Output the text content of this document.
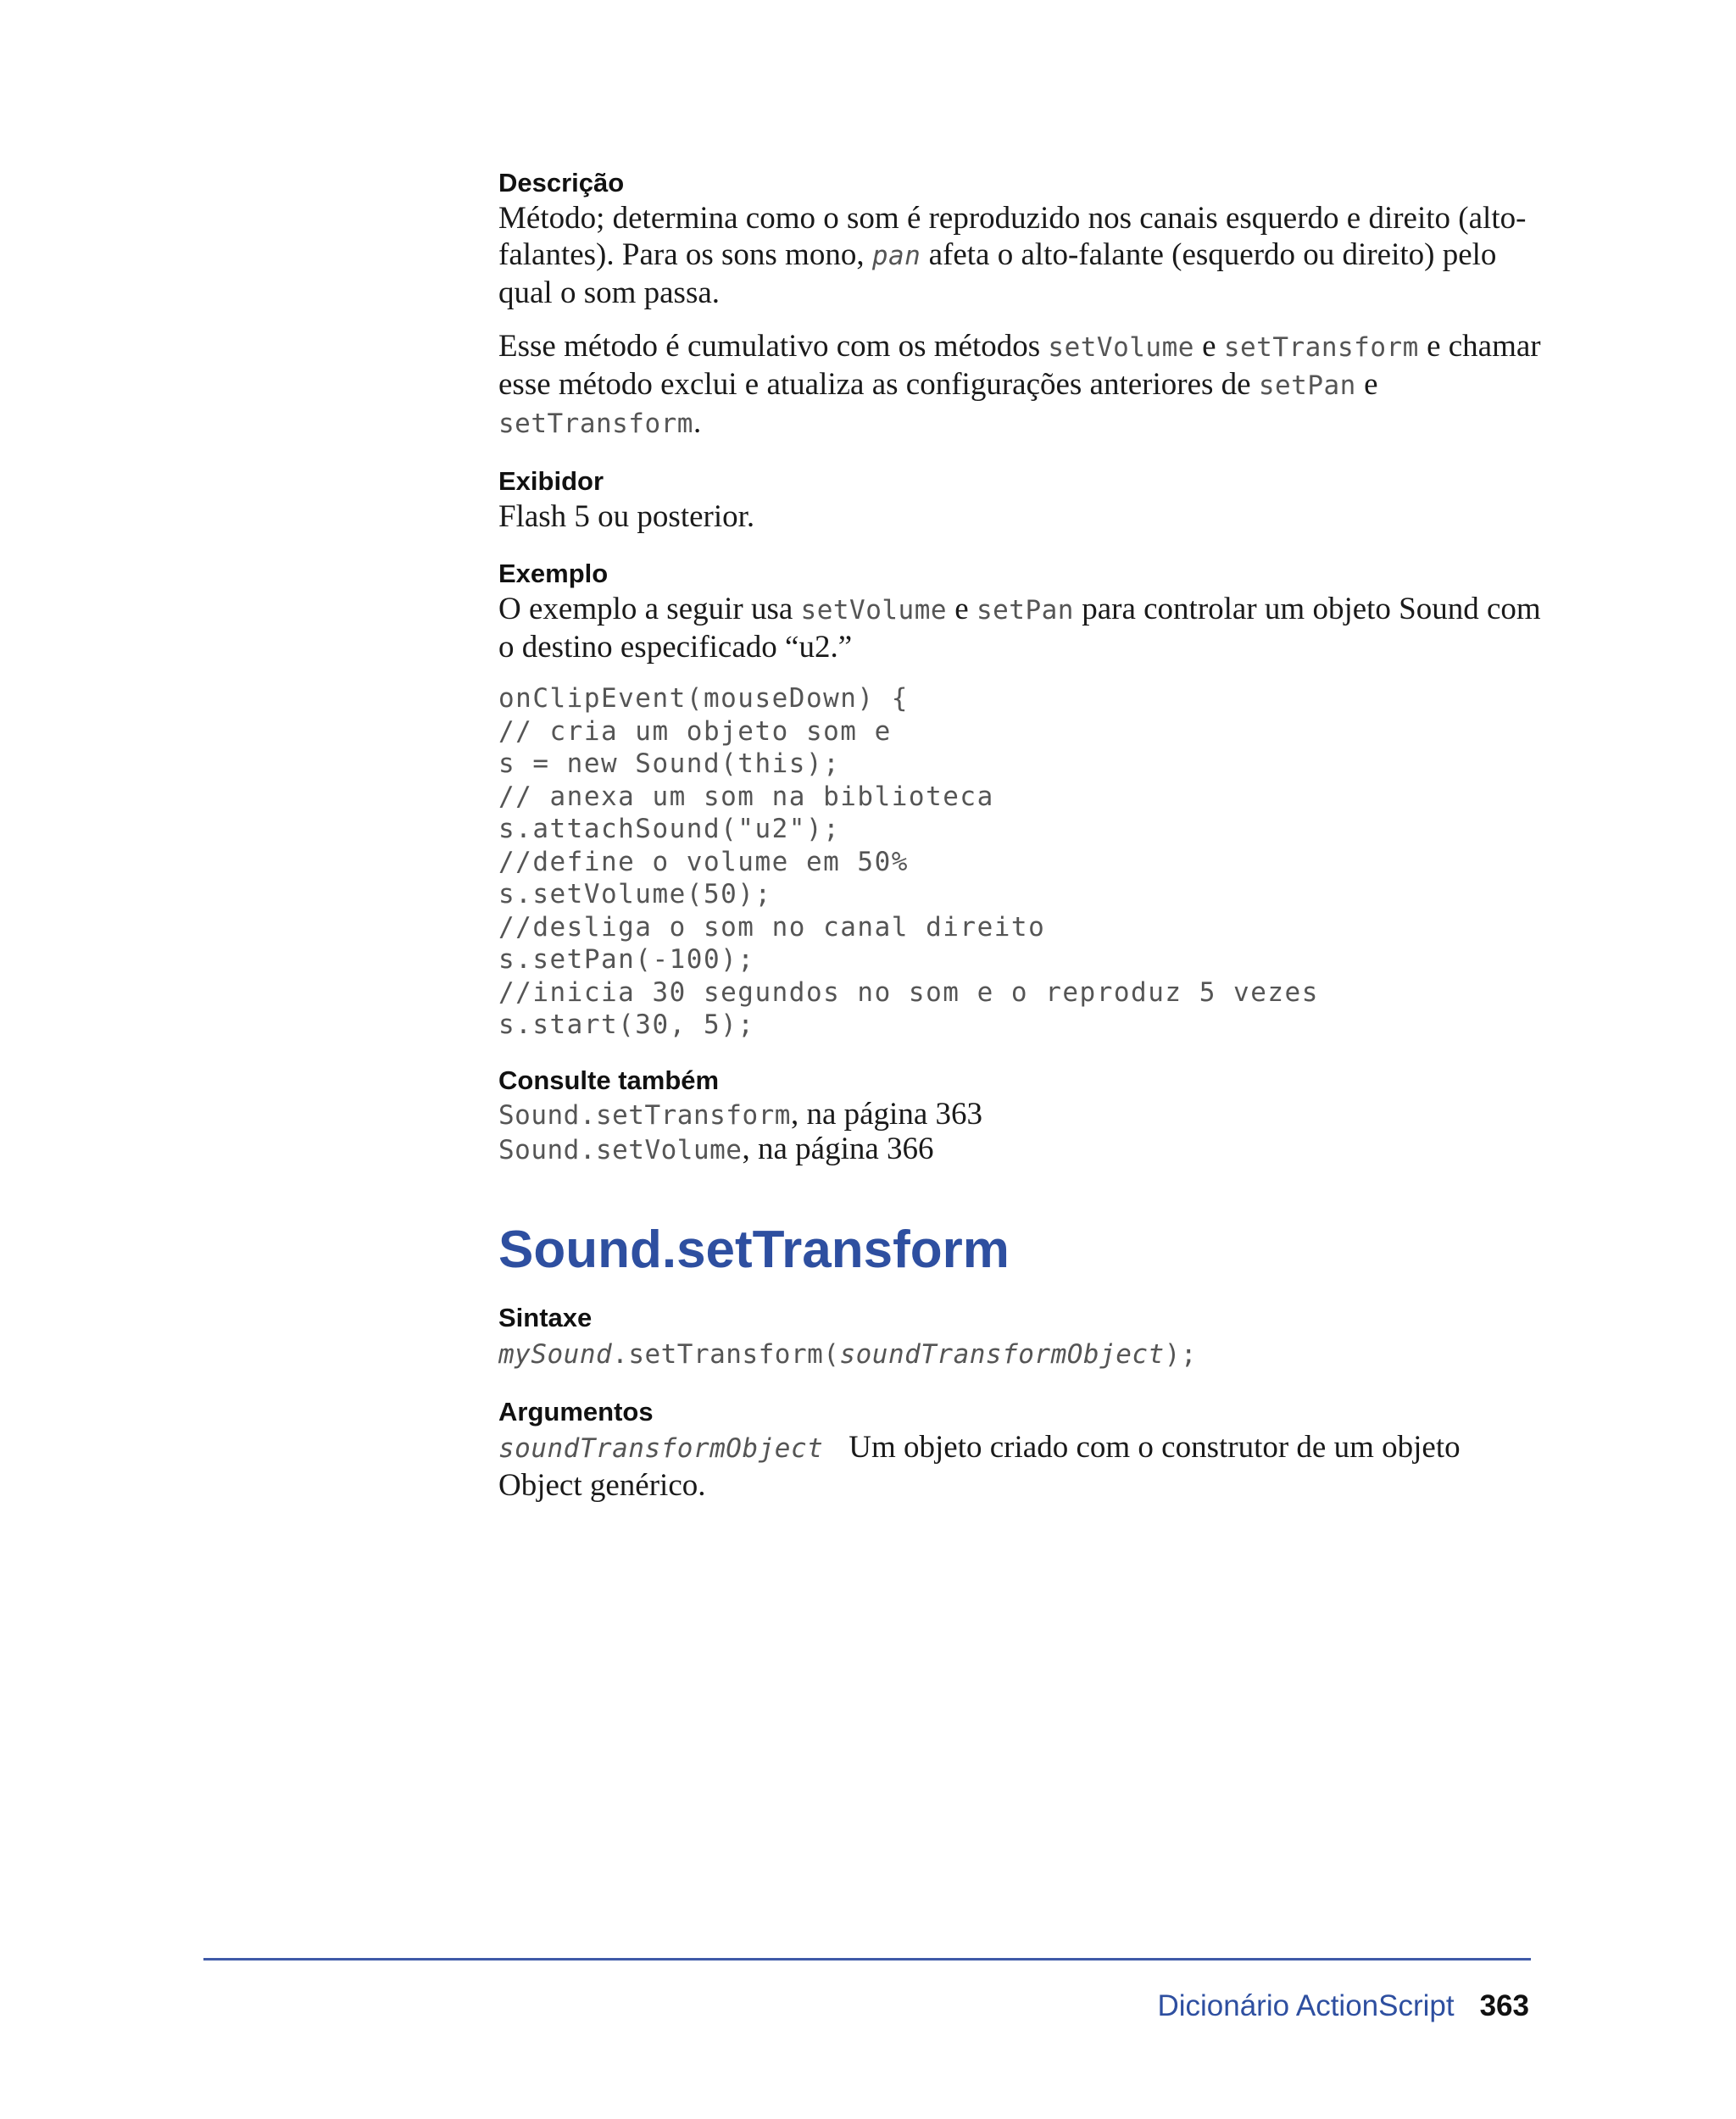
Descrição

Método; determina como o som é reproduzido nos canais esquerdo e direito (alto-falantes). Para os sons mono, pan afeta o alto-falante (esquerdo ou direito) pelo qual o som passa.

Esse método é cumulativo com os métodos setVolume e setTransform e chamar esse método exclui e atualiza as configurações anteriores de setPan e setTransform.

Exibidor

Flash 5 ou posterior.

Exemplo

O exemplo a seguir usa setVolume e setPan para controlar um objeto Sound com o destino especificado “u2.”

onClipEvent(mouseDown) {
// cria um objeto som e
s = new Sound(this);
// anexa um som na biblioteca
s.attachSound("u2");
//define o volume em 50%
s.setVolume(50);
//desliga o som no canal direito
s.setPan(-100);
//inicia 30 segundos no som e o reproduz 5 vezes
s.start(30, 5);
Consulte também
Sound.setTransform, na página 363
Sound.setVolume, na página 366
Sound.setTransform
Sintaxe
mySound.setTransform(soundTransformObject);
Argumentos

soundTransformObject Um objeto criado com o construtor de um objeto Object genérico.

Dicionário ActionScript 363
